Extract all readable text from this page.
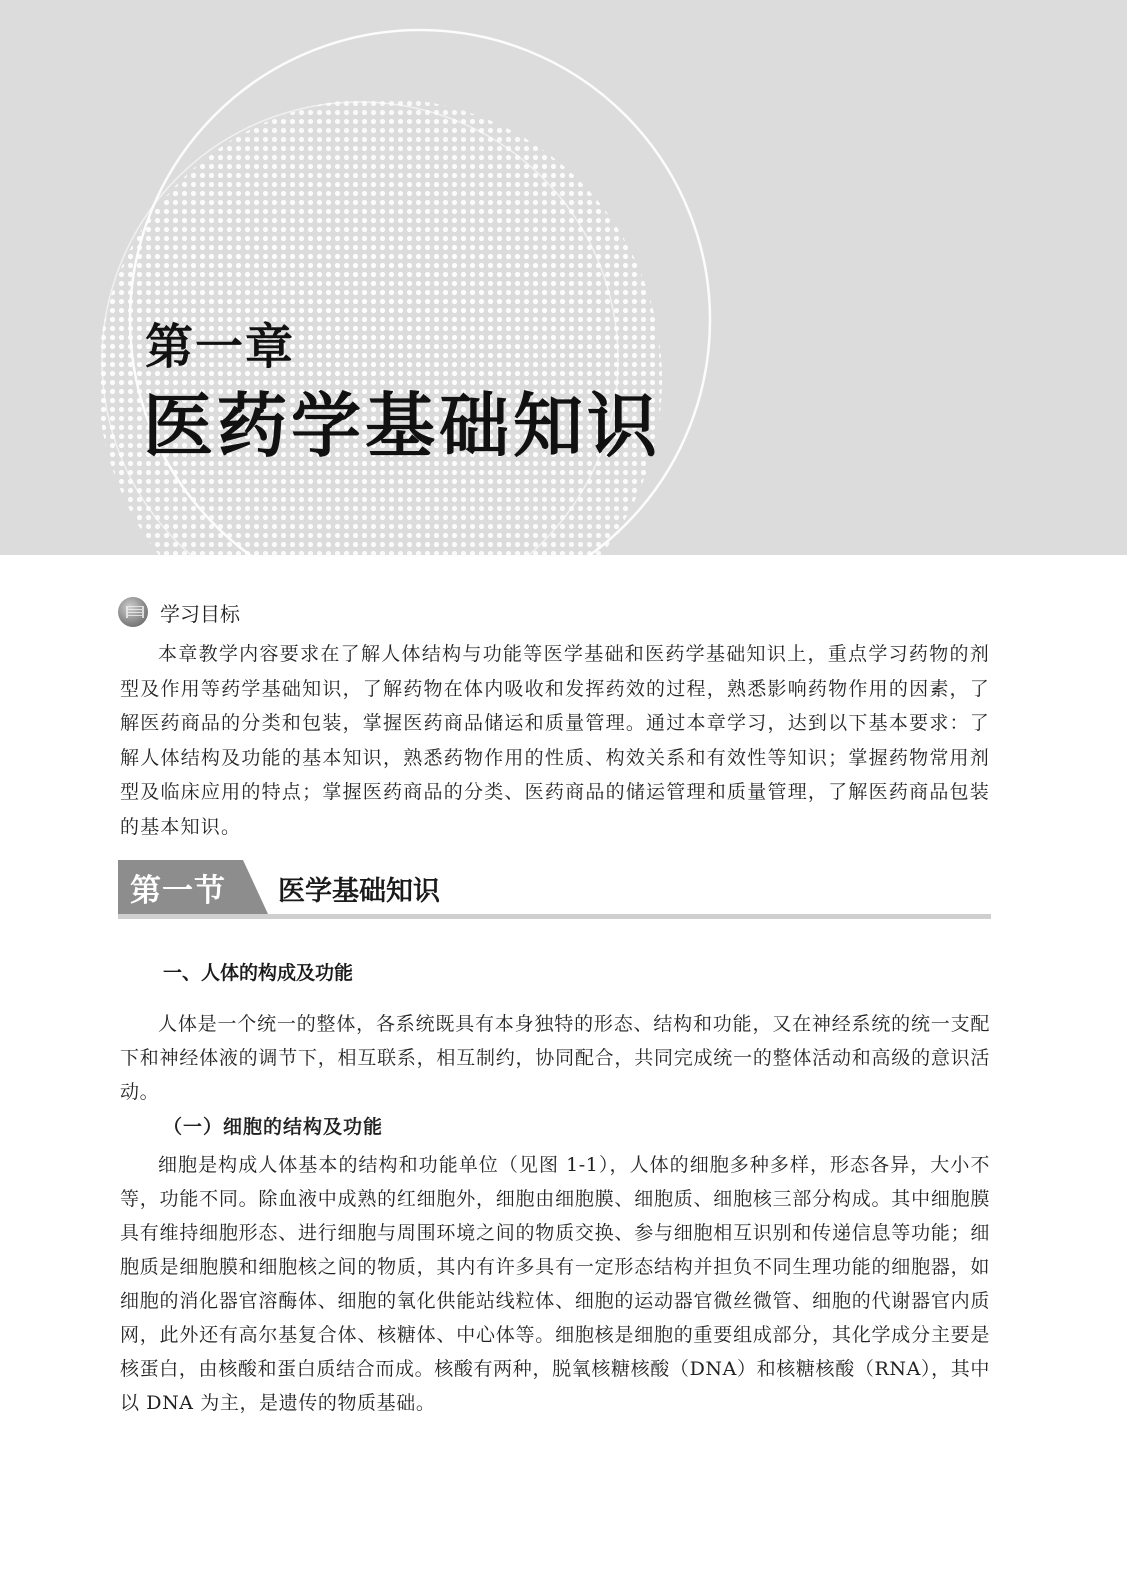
第一章
医药学基础知识
学习目标

本章教学内容要求在了解人体结构与功能等医学基础和医药学基础知识上，重点学习药物的剂型及作用等药学基础知识，了解药物在体内吸收和发挥药效的过程，熟悉影响药物作用的因素，了解医药商品的分类和包装，掌握医药商品储运和质量管理。通过本章学习，达到以下基本要求：了解人体结构及功能的基本知识，熟悉药物作用的性质、构效关系和有效性等知识；掌握药物常用剂型及临床应用的特点；掌握医药商品的分类、医药商品的储运管理和质量管理，了解医药商品包装的基本知识。

第一节 医学基础知识
一、人体的构成及功能

人体是一个统一的整体，各系统既具有本身独特的形态、结构和功能，又在神经系统的统一支配下和神经体液的调节下，相互联系，相互制约，协同配合，共同完成统一的整体活动和高级的意识活动。

（一）细胞的结构及功能

细胞是构成人体基本的结构和功能单位（见图 1-1），人体的细胞多种多样，形态各异，大小不等，功能不同。除血液中成熟的红细胞外，细胞由细胞膜、细胞质、细胞核三部分构成。其中细胞膜具有维持细胞形态、进行细胞与周围环境之间的物质交换、参与细胞相互识别和传递信息等功能；细胞质是细胞膜和细胞核之间的物质，其内有许多具有一定形态结构并担负不同生理功能的细胞器，如细胞的消化器官溶酶体、细胞的氧化供能站线粒体、细胞的运动器官微丝微管、细胞的代谢器官内质网，此外还有高尔基复合体、核糖体、中心体等。细胞核是细胞的重要组成部分，其化学成分主要是核蛋白，由核酸和蛋白质结合而成。核酸有两种，脱氧核糖核酸（DNA）和核糖核酸（RNA），其中以 DNA 为主，是遗传的物质基础。
